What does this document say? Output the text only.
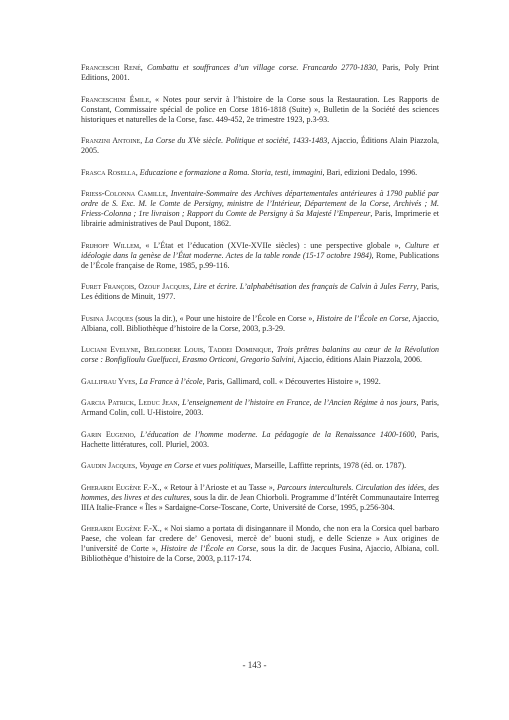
Franceschi René, Combattu et souffrances d’un village corse. Francardo 2770-1830, Paris, Poly Print Editions, 2001.

Franceschini Émile, « Notes pour servir à l’histoire de la Corse sous la Restauration. Les Rapports de Constant, Commissaire spécial de police en Corse 1816-1818 (Suite) », Bulletin de la Société des sciences historiques et naturelles de la Corse, fasc. 449-452, 2e trimestre 1923, p.3-93.

Franzini Antoine, La Corse du XVe siècle. Politique et société, 1433-1483, Ajaccio, Éditions Alain Piazzola, 2005.

Frasca Rosella, Educazione e formazione a Roma. Storia, testi, immagini, Bari, edizioni Dedalo, 1996.

Friess-Colonna Camille, Inventaire-Sommaire des Archives départementales antérieures à 1790 publié par ordre de S. Exc. M. le Comte de Persigny, ministre de l’Intérieur, Département de la Corse, Archivés ; M. Friess-Colonna ; 1re livraison ; Rapport du Comte de Persigny à Sa Majesté l’Empereur, Paris, Imprimerie et librairie administratives de Paul Dupont, 1862.

Frijhoff Willem, « L’État et l’éducation (XVIe-XVIIe siècles) : une perspective globale », Culture et idéologie dans la genèse de l’État moderne. Actes de la table ronde (15-17 octobre 1984), Rome, Publications de l’École française de Rome, 1985, p.99-116.

Furet François, Ozouf Jacques, Lire et écrire. L’alphabétisation des français de Calvin à Jules Ferry, Paris, Les éditions de Minuit, 1977.

Fusina Jacques (sous la dir.), « Pour une histoire de l’École en Corse », Histoire de l’École en Corse, Ajaccio, Albiana, coll. Bibliothèque d’histoire de la Corse, 2003, p.3-29.

Luciani Evelyne, Belgodere Louis, Taddei Dominique, Trois prêtres balanins au cœur de la Révolution corse : Bonfiglioulu Guelfucci, Erasmo Orticoni, Gregorio Salvini, Ajaccio, éditions Alain Piazzola, 2006.

Gallifrau Yves, La France à l’école, Paris, Gallimard, coll. « Découvertes Histoire », 1992.

Garcia Patrick, Leduc Jean, L’enseignement de l’histoire en France, de l’Ancien Régime à nos jours, Paris, Armand Colin, coll. U-Histoire, 2003.

Garin Eugenio, L’éducation de l’homme moderne. La pédagogie de la Renaissance 1400-1600, Paris, Hachette littératures, coll. Pluriel, 2003.

Gaudin Jacques, Voyage en Corse et vues politiques, Marseille, Laffitte reprints, 1978 (éd. or. 1787).

Gherardi Eugène F.-X., « Retour à l’Arioste et au Tasse », Parcours interculturels. Circulation des idées, des hommes, des livres et des cultures, sous la dir. de Jean Chiorboli. Programme d’Intérêt Communautaire Interreg IIIA Italie-France « Îles » Sardaigne-Corse-Toscane, Corte, Université de Corse, 1995, p.256-304.

Gherardi Eugène F.-X., « Noi siamo a portata di disingannare il Mondo, che non era la Corsica quel barbaro Paese, che volean far credere de’ Genovesi, mercè de’ buoni studj, e delle Scienze » Aux origines de l’université de Corte », Histoire de l’École en Corse, sous la dir. de Jacques Fusina, Ajaccio, Albiana, coll. Bibliothèque d’histoire de la Corse, 2003, p.117-174.

- 143 -
